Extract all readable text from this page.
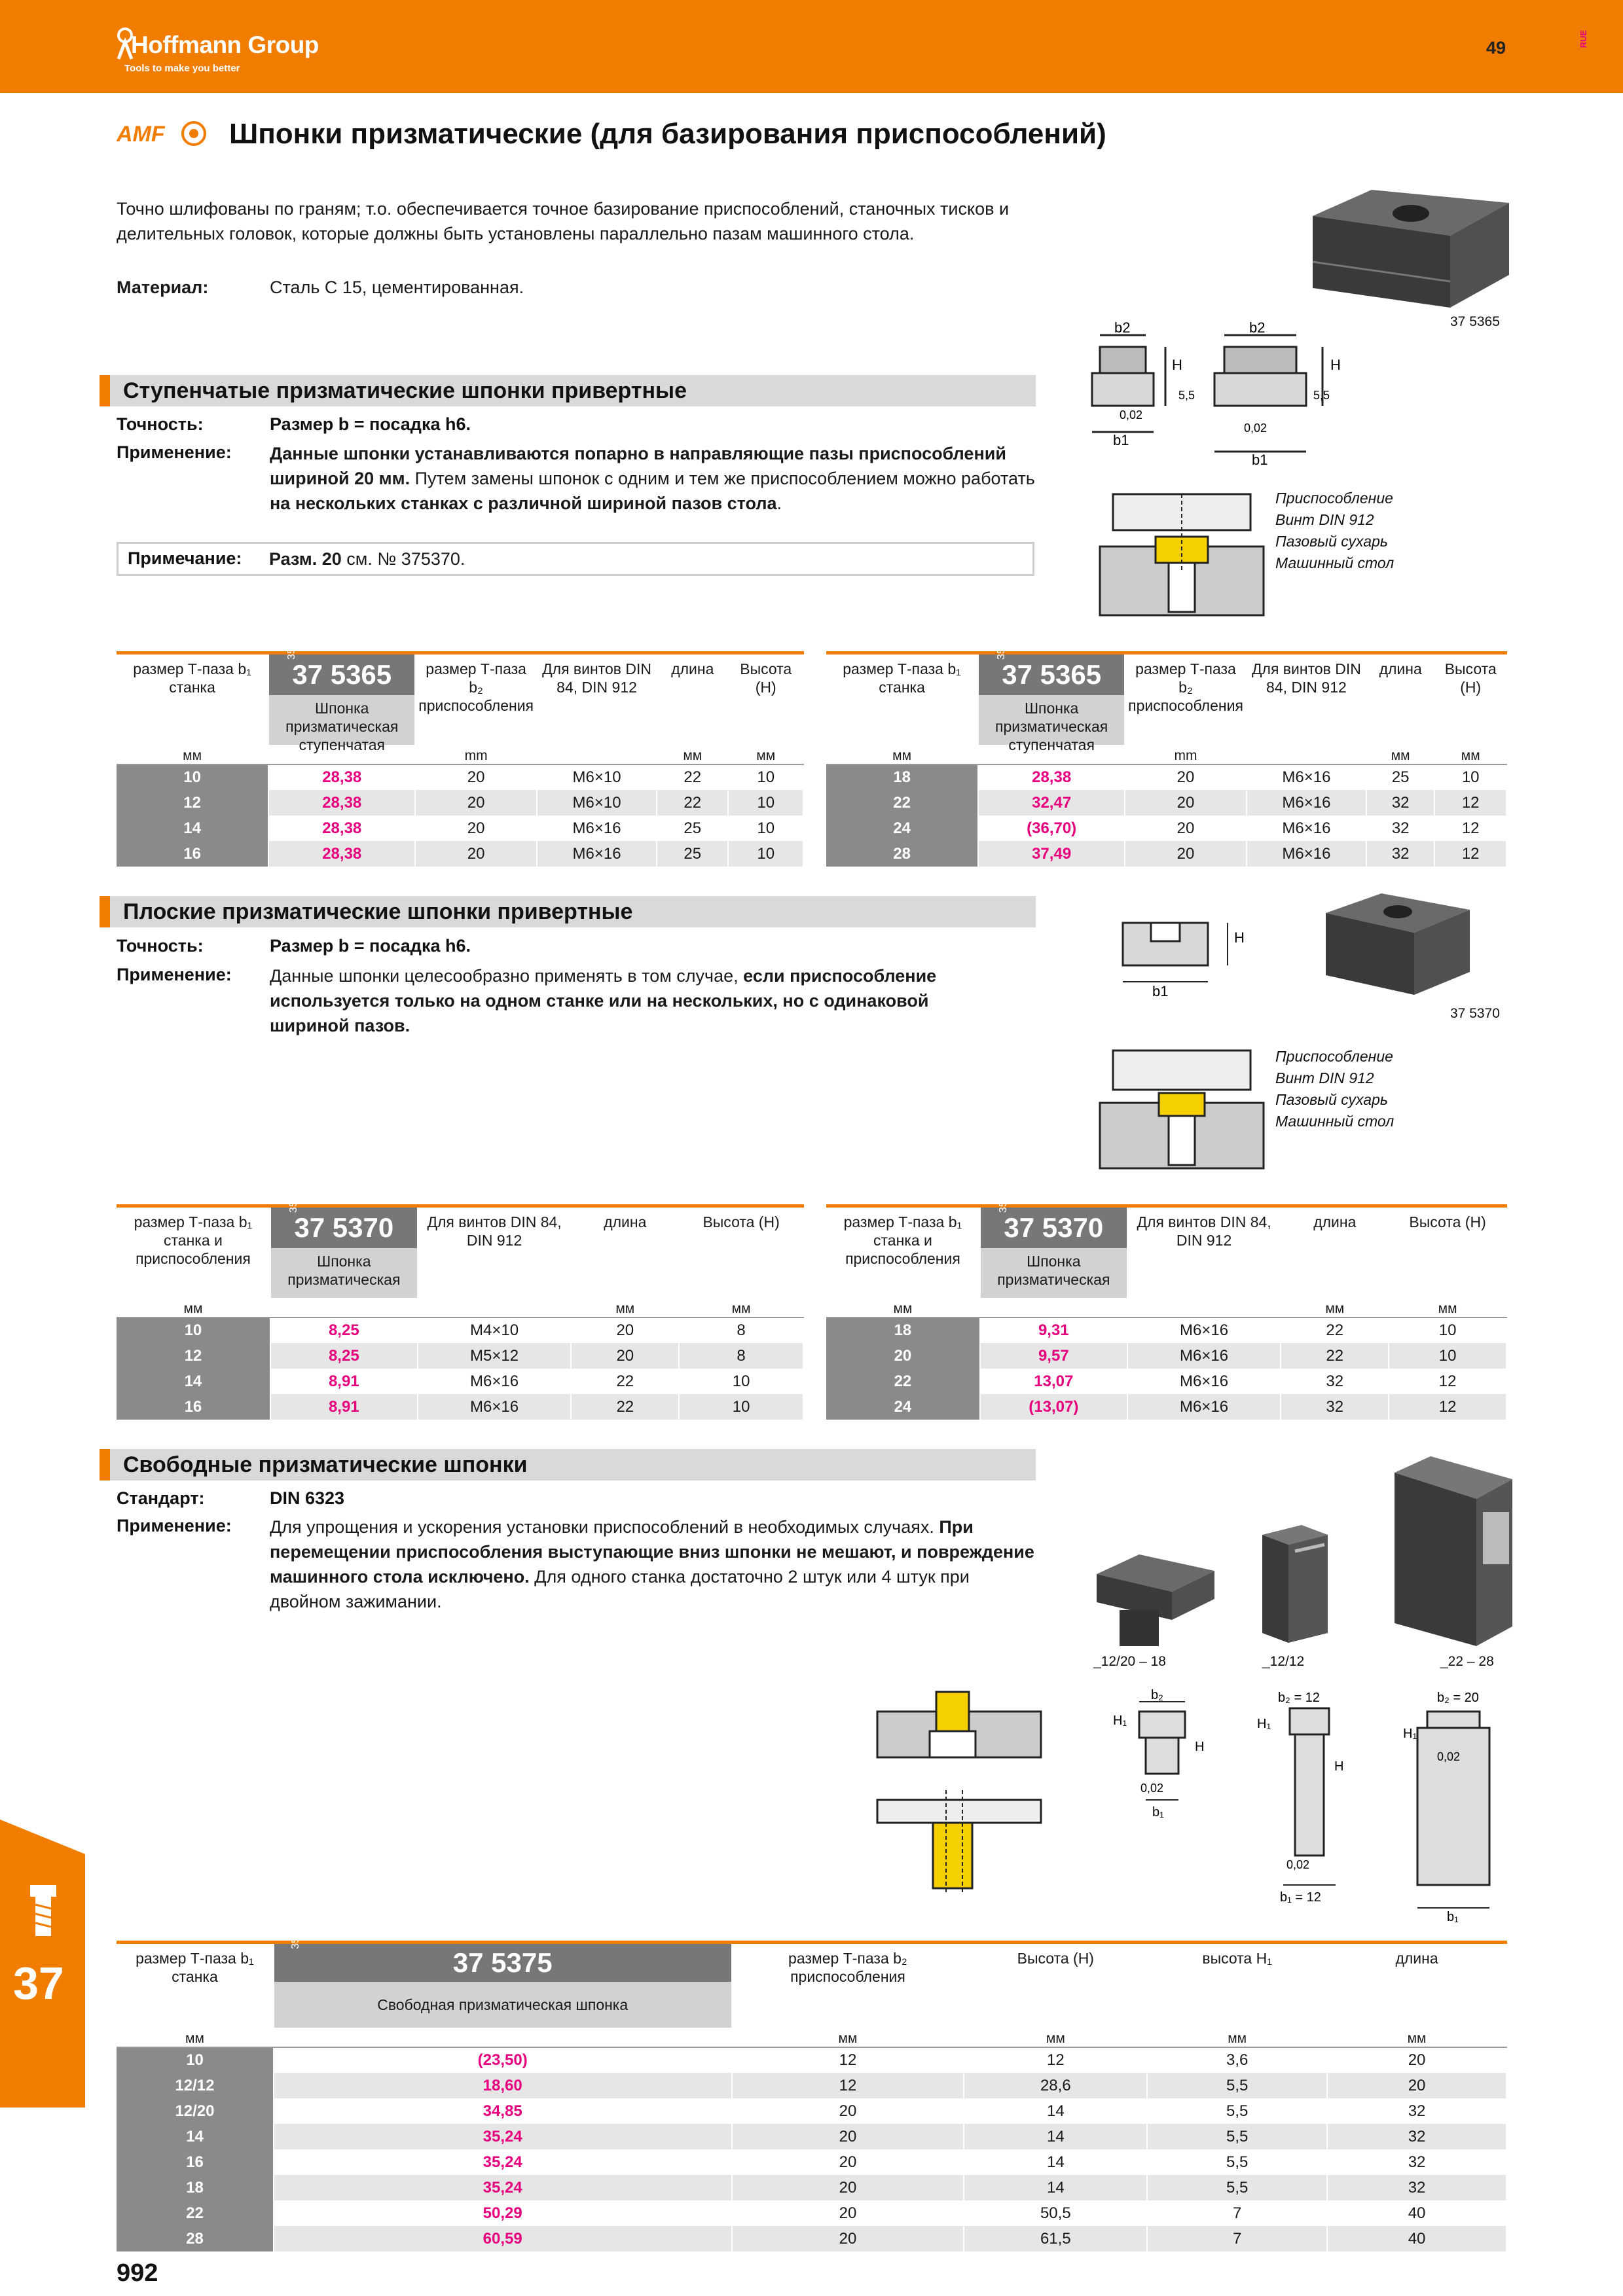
Hoffmann Group
Tools to make you better
49	RUE
AMF Шпонки призматические (для базирования приспособлений)
Точно шлифованы по граням; т.о. обеспечивается точное базирование приспособлений, станочных тисков и делительных головок, которые должны быть установлены параллельно пазам машинного стола.
Материал:	Сталь С 15, цементированная.
37 5365
Ступенчатые призматические шпонки привертные
Точность:	Размер b = посадка h6.
Применение: Данные шпонки устанавливаются попарно в направляющие пазы приспособлений шириной 20 мм. Путем замены шпонок с одним и тем же приспособлением можно работать на нескольких станках с различной шириной пазов стола.
Примечание: Разм. 20 см. № 375370.
b2
b1
H
b2
b1
H
5,5	5,5
0,02
0,02
Приспособление
Винт DIN 912
Пазовый сухарь
Машинный стол
размер Т-паза b₁ станка	35A
37 5365
Шпонка призматическая ступенчатая	размер Т-паза b₂ приспособления	Для винтов DIN 84, DIN 912	длина	Высота (H)
мм		mm		мм	мм
10	28,38	20	M6×10	22	10
12	28,38	20	M6×10	22	10
14	28,38	20	M6×16	25	10
16	28,38	20	M6×16	25	10
размер Т-паза b₁ станка	35A
37 5365
Шпонка призматическая ступенчатая	размер Т-паза b₂ приспособления	Для винтов DIN 84, DIN 912	длина	Высота (H)
мм		mm		мм	мм
18	28,38	20	M6×16	25	10
22	32,47	20	M6×16	32	12
24	(36,70)	20	M6×16	32	12
28	37,49	20	M6×16	32	12
Плоские призматические шпонки привертные
Точность:	Размер b = посадка h6.
Применение: Данные шпонки целесообразно применять в том случае, если приспособление используется только на одном станке или на нескольких, но с одинаковой шириной пазов.
b1
H
37 5370
Приспособление
Винт DIN 912
Пазовый сухарь
Машинный стол
размер Т-паза b₁ станка и приспособления	35A
37 5370
Шпонка призматическая	Для винтов DIN 84, DIN 912	длина	Высота (H)
мм			мм	мм
10	8,25	M4×10	20	8
12	8,25	M5×12	20	8
14	8,91	M6×16	22	10
16	8,91	M6×16	22	10
размер Т-паза b₁ станка и приспособления	35A
37 5370
Шпонка призматическая	Для винтов DIN 84, DIN 912	длина	Высота (H)
мм			мм	мм
18	9,31	M6×16	22	10
20	9,57	M6×16	22	10
22	13,07	M6×16	32	12
24	(13,07)	M6×16	32	12
Свободные призматические шпонки
Стандарт:	DIN 6323
Применение: Для упрощения и ускорения установки приспособлений в необходимых случаях. При перемещении приспособления выступающие вниз шпонки не мешают, и повреждение машинного стола исключено. Для одного станка достаточно 2 штук или 4 штук при двойном зажимании.
_12/20 – 18	_12/12	_22 – 28
b₂
H₁
H
0,02
b₁
b₂ = 12
H₁
H
0,02
b₁ = 12
b₂ = 20
H₁
0,02
b₁
размер Т-паза b₁ станка	35A
37 5375
Свободная призматическая шпонка	размер Т-паза b₂ приспособления	Высота (H)	высота H₁	длина
мм		мм	мм	мм	мм
10	(23,50)	12	12	3,6	20
12/12	18,60	12	28,6	5,5	20
12/20	34,85	20	14	5,5	32
14	35,24	20	14	5,5	32
16	35,24	20	14	5,5	32
18	35,24	20	14	5,5	32
22	50,29	20	50,5	7	40
28	60,59	20	61,5	7	40
37
992
